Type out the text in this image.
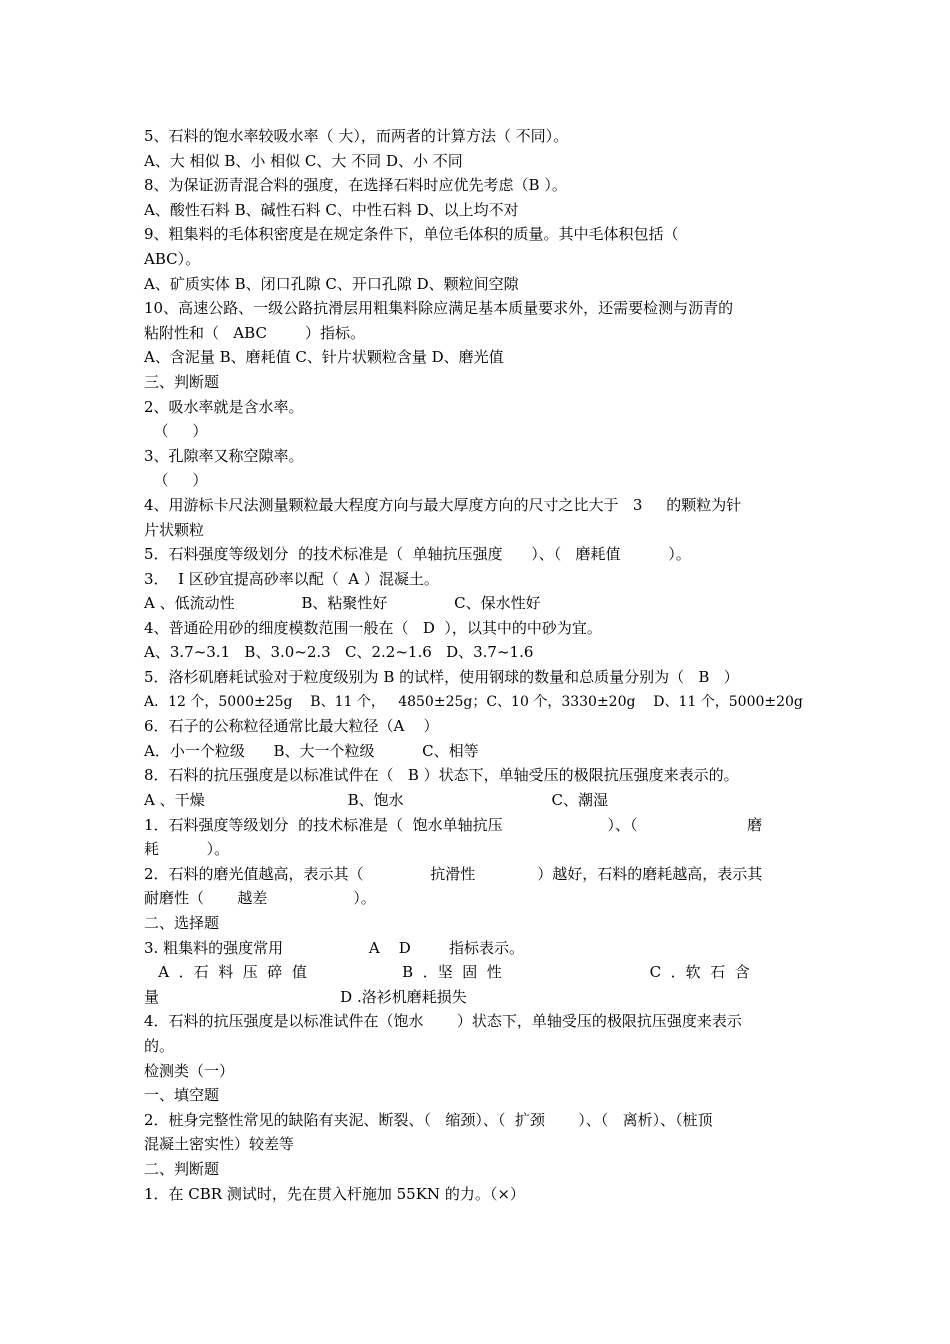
5、石料的饱水率较吸水率（ 大），而两者的计算方法（ 不同）。
A、大 相似 B、小 相似 C、大 不同 D、小 不同
8、为保证沥青混合料的强度，在选择石料时应优先考虑（B ）。
A、酸性石料 B、碱性石料 C、中性石料 D、以上均不对
9、粗集料的毛体积密度是在规定条件下，单位毛体积的质量。其中毛体积包括（
ABC）。
A、矿质实体 B、闭口孔隙 C、开口孔隙 D、颗粒间空隙
10、高速公路、一级公路抗滑层用粗集料除应满足基本质量要求外，还需要检测与沥青的
粘附性和（   ABC        ）指标。
A、含泥量 B、磨耗值 C、针片状颗粒含量 D、磨光值
三、判断题
2、吸水率就是含水率。
（     ）
3、孔隙率又称空隙率。
（     ）
4、用游标卡尺法测量颗粒最大程度方向与最大厚度方向的尺寸之比大于   3     的颗粒为针
片状颗粒
5．石料强度等级划分  的技术标准是（  单轴抗压强度      ）、（   磨耗值          ）。
3．  I 区砂宜提高砂率以配（  A ）混凝土。
A 、低流动性              B、粘聚性好              C、保水性好
4、普通砼用砂的细度模数范围一般在（   D  ），以其中的中砂为宜。
A、3.7~3.1   B、3.0~2.3   C、2.2~1.6   D、3.7~1.6
5．洛杉矶磨耗试验对于粒度级别为 B 的试样，使用钢球的数量和总质量分别为（   B   ）
A．12 个，5000±25g    B、11 个，   4850±25g；C、10 个，3330±20g    D、11 个，5000±20g
6．石子的公称粒径通常比最大粒径（A    ）
A．小一个粒级      B、大一个粒级          C、相等
8．石料的抗压强度是以标准试件在（   B ）状态下，单轴受压的极限抗压强度来表示的。
A 、干燥                              B、饱水                               C、潮湿
1．石料强度等级划分  的技术标准是（  饱水单轴抗压                      ）、（                       磨
耗          ）。
2．石料的磨光值越高，表示其（              抗滑性             ）越好，石料的磨耗越高，表示其
耐磨性（       越差                  ）。
二、选择题
3. 粗集料的强度常用                  A    D        指标表示。
A  ．石  料  压  碎  值                    B  ．坚  固  性                               C  ．软  石  含
量                                      D .洛衫机磨耗损失
4．石料的抗压强度是以标准试件在（饱水       ）状态下，单轴受压的极限抗压强度来表示
的。
检测类（一）
一、填空题
2．桩身完整性常见的缺陷有夹泥、断裂、（   缩颈）、（  扩颈       ）、（   离析）、（桩顶
混凝土密实性）较差等
二、判断题
1．在 CBR 测试时，先在贯入杆施加 55KN 的力。（×）
